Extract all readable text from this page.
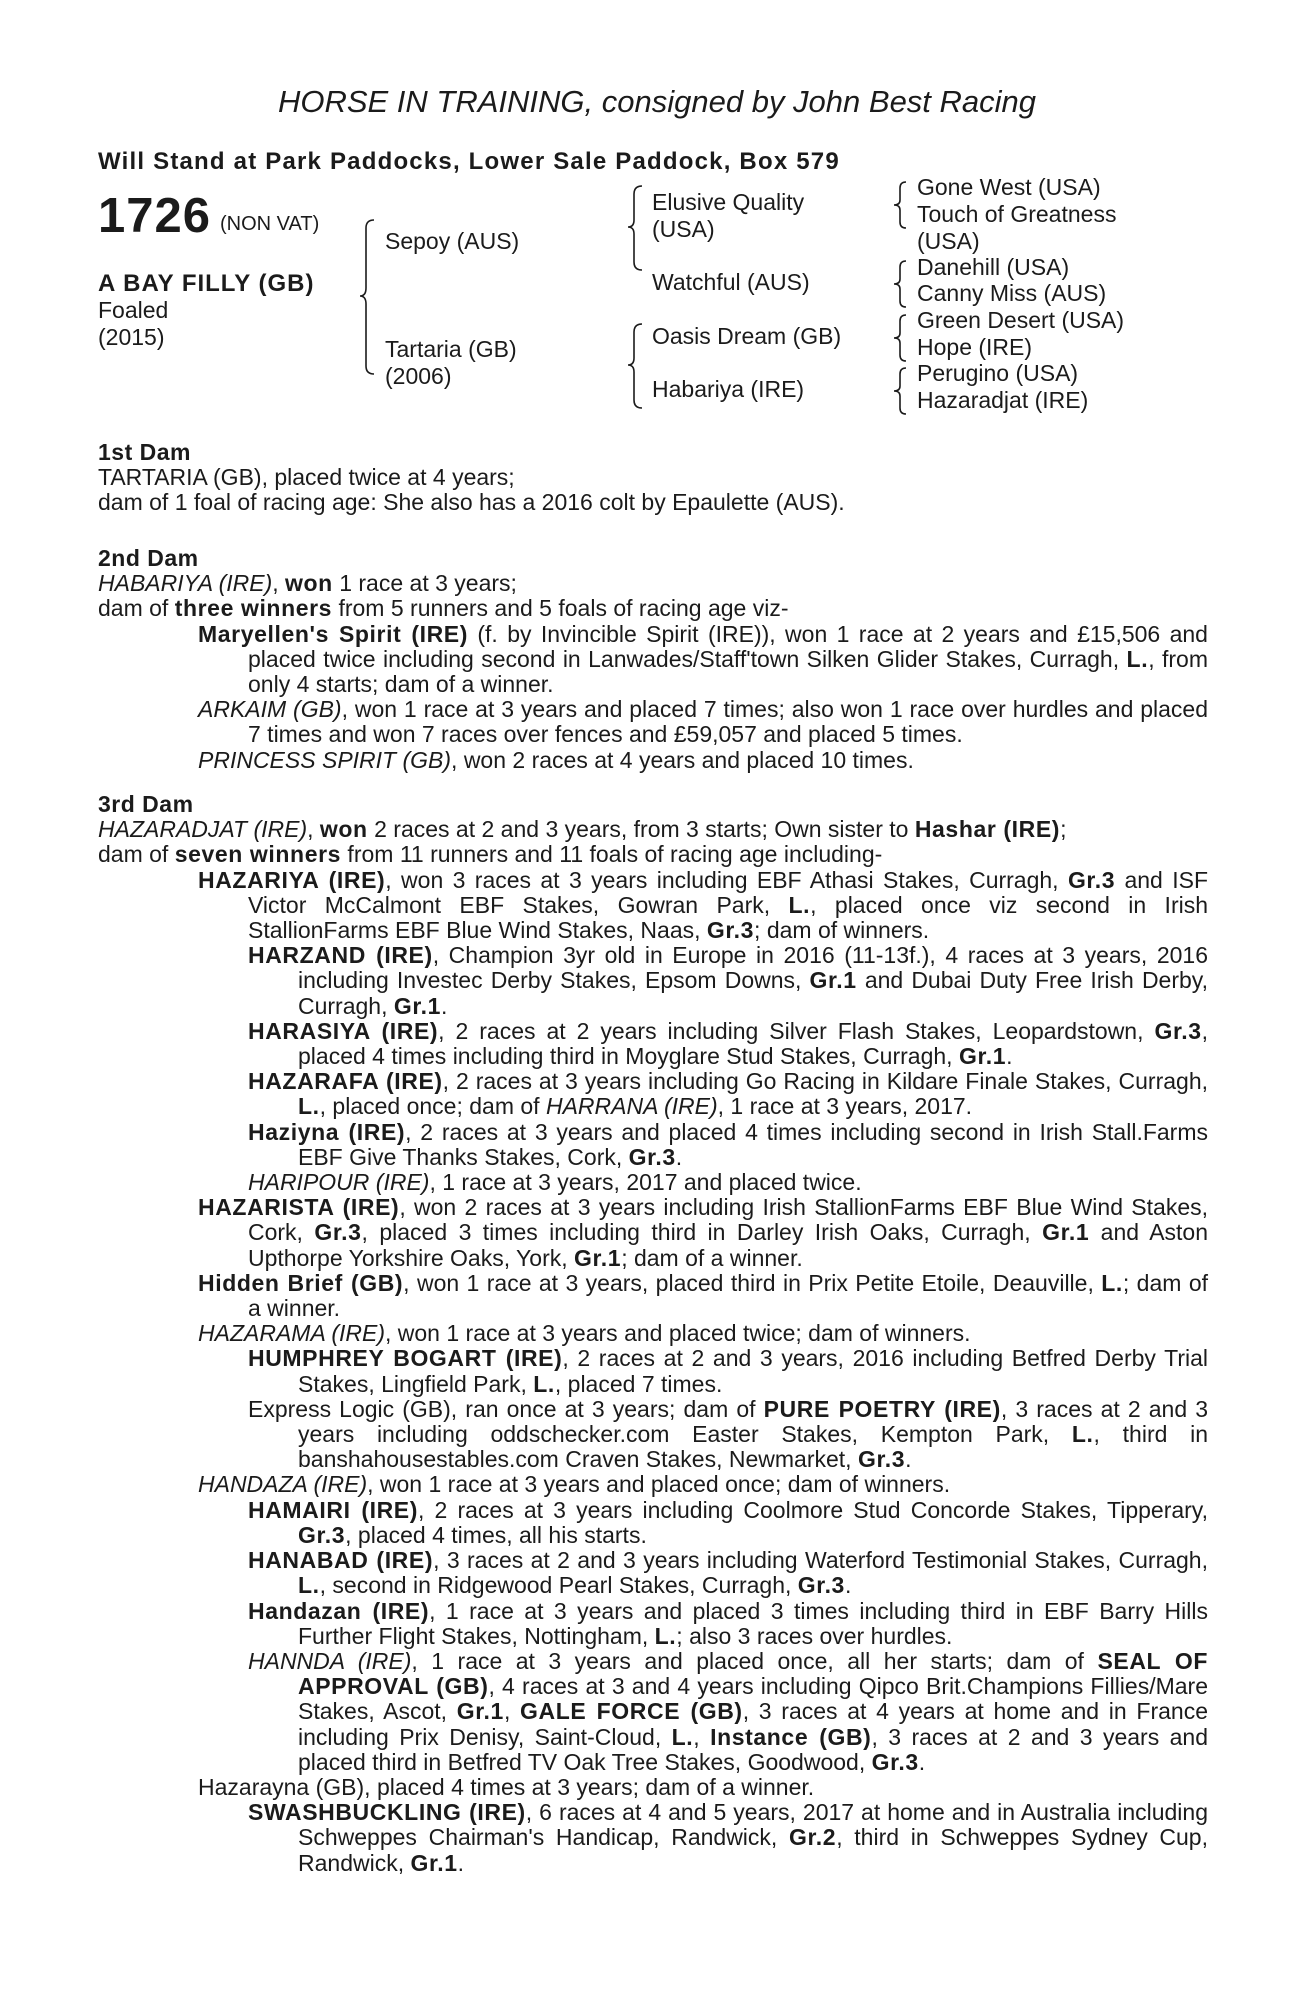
HORSE IN TRAINING, consigned by John Best Racing
Will Stand at Park Paddocks, Lower Sale Paddock, Box 579
1726 (NON VAT)
A BAY FILLY (GB)
Foaled
(2015)
Sepoy (AUS)
Tartaria (GB)
(2006)
Elusive Quality
(USA)
Watchful (AUS)
Oasis Dream (GB)
Habariya (IRE)
Gone West (USA)
Touch of Greatness
(USA)
Danehill (USA)
Canny Miss (AUS)
Green Desert (USA)
Hope (IRE)
Perugino (USA)
Hazaradjat (IRE)

1st Dam

TARTARIA (GB), placed twice at 4 years;

dam of 1 foal of racing age: She also has a 2016 colt by Epaulette (AUS).

2nd Dam

HABARIYA (IRE), won 1 race at 3 years;

dam of three winners from 5 runners and 5 foals of racing age viz-

Maryellen's Spirit (IRE) (f. by Invincible Spirit (IRE)), won 1 race at 2 years and £15,506 and placed twice including second in Lanwades/Staff'town Silken Glider Stakes, Curragh, L., from only 4 starts; dam of a winner.

ARKAIM (GB), won 1 race at 3 years and placed 7 times; also won 1 race over hurdles and placed 7 times and won 7 races over fences and £59,057 and placed 5 times.

PRINCESS SPIRIT (GB), won 2 races at 4 years and placed 10 times.

3rd Dam

HAZARADJAT (IRE), won 2 races at 2 and 3 years, from 3 starts; Own sister to Hashar (IRE);

dam of seven winners from 11 runners and 11 foals of racing age including-

HAZARIYA (IRE), won 3 races at 3 years including EBF Athasi Stakes, Curragh, Gr.3 and ISF Victor McCalmont EBF Stakes, Gowran Park, L., placed once viz second in Irish StallionFarms EBF Blue Wind Stakes, Naas, Gr.3; dam of winners.

HARZAND (IRE), Champion 3yr old in Europe in 2016 (11-13f.), 4 races at 3 years, 2016 including Investec Derby Stakes, Epsom Downs, Gr.1 and Dubai Duty Free Irish Derby, Curragh, Gr.1.

HARASIYA (IRE), 2 races at 2 years including Silver Flash Stakes, Leopardstown, Gr.3, placed 4 times including third in Moyglare Stud Stakes, Curragh, Gr.1.

HAZARAFA (IRE), 2 races at 3 years including Go Racing in Kildare Finale Stakes, Curragh, L., placed once; dam of HARRANA (IRE), 1 race at 3 years, 2017.

Haziyna (IRE), 2 races at 3 years and placed 4 times including second in Irish Stall.Farms EBF Give Thanks Stakes, Cork, Gr.3.

HARIPOUR (IRE), 1 race at 3 years, 2017 and placed twice.

HAZARISTA (IRE), won 2 races at 3 years including Irish StallionFarms EBF Blue Wind Stakes, Cork, Gr.3, placed 3 times including third in Darley Irish Oaks, Curragh, Gr.1 and Aston Upthorpe Yorkshire Oaks, York, Gr.1; dam of a winner.

Hidden Brief (GB), won 1 race at 3 years, placed third in Prix Petite Etoile, Deauville, L.; dam of a winner.

HAZARAMA (IRE), won 1 race at 3 years and placed twice; dam of winners.

HUMPHREY BOGART (IRE), 2 races at 2 and 3 years, 2016 including Betfred Derby Trial Stakes, Lingfield Park, L., placed 7 times.

Express Logic (GB), ran once at 3 years; dam of PURE POETRY (IRE), 3 races at 2 and 3 years including oddschecker.com Easter Stakes, Kempton Park, L., third in banshahousestables.com Craven Stakes, Newmarket, Gr.3.

HANDAZA (IRE), won 1 race at 3 years and placed once; dam of winners.

HAMAIRI (IRE), 2 races at 3 years including Coolmore Stud Concorde Stakes, Tipperary, Gr.3, placed 4 times, all his starts.

HANABAD (IRE), 3 races at 2 and 3 years including Waterford Testimonial Stakes, Curragh, L., second in Ridgewood Pearl Stakes, Curragh, Gr.3.

Handazan (IRE), 1 race at 3 years and placed 3 times including third in EBF Barry Hills Further Flight Stakes, Nottingham, L.; also 3 races over hurdles.

HANNDA (IRE), 1 race at 3 years and placed once, all her starts; dam of SEAL OF APPROVAL (GB), 4 races at 3 and 4 years including Qipco Brit.Champions Fillies/Mare Stakes, Ascot, Gr.1, GALE FORCE (GB), 3 races at 4 years at home and in France including Prix Denisy, Saint-Cloud, L., Instance (GB), 3 races at 2 and 3 years and placed third in Betfred TV Oak Tree Stakes, Goodwood, Gr.3.

Hazarayna (GB), placed 4 times at 3 years; dam of a winner.

SWASHBUCKLING (IRE), 6 races at 4 and 5 years, 2017 at home and in Australia including Schweppes Chairman's Handicap, Randwick, Gr.2, third in Schweppes Sydney Cup, Randwick, Gr.1.
